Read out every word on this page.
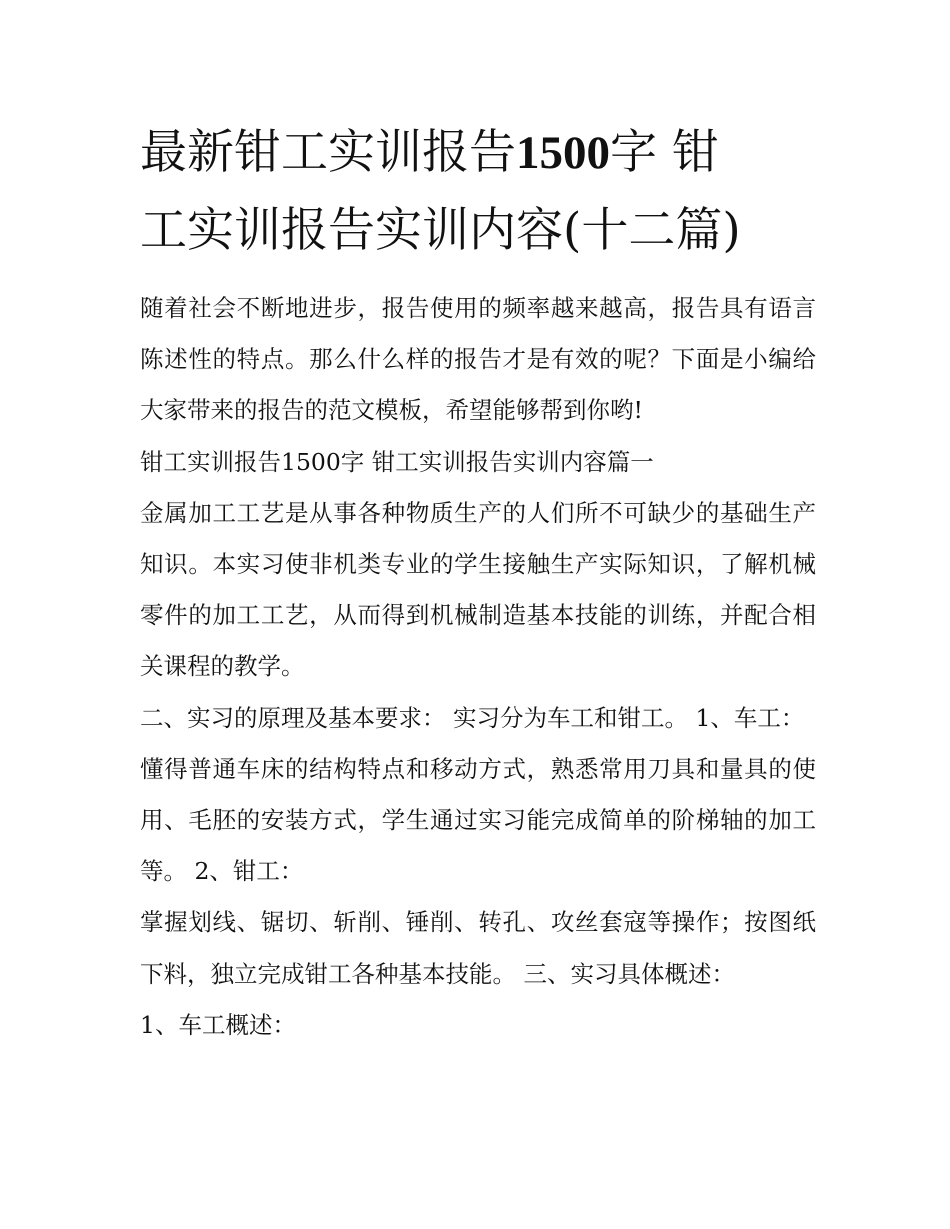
最新钳工实训报告1500字 钳
工实训报告实训内容(十二篇)

随着社会不断地进步，报告使用的频率越来越高，报告具有语言陈述性的特点。那么什么样的报告才是有效的呢？下面是小编给大家带来的报告的范文模板，希望能够帮到你哟!

钳工实训报告1500字 钳工实训报告实训内容篇一

金属加工工艺是从事各种物质生产的人们所不可缺少的基础生产知识。本实习使非机类专业的学生接触生产实际知识，了解机械零件的加工工艺，从而得到机械制造基本技能的训练，并配合相关课程的教学。

二、实习的原理及基本要求： 实习分为车工和钳工。 1、车工：

懂得普通车床的结构特点和移动方式，熟悉常用刀具和量具的使用、毛胚的安装方式，学生通过实习能完成简单的阶梯轴的加工等。 2、钳工：

掌握划线、锯切、斩削、锤削、转孔、攻丝套寇等操作；按图纸下料，独立完成钳工各种基本技能。 三、实习具体概述：

1、车工概述：
